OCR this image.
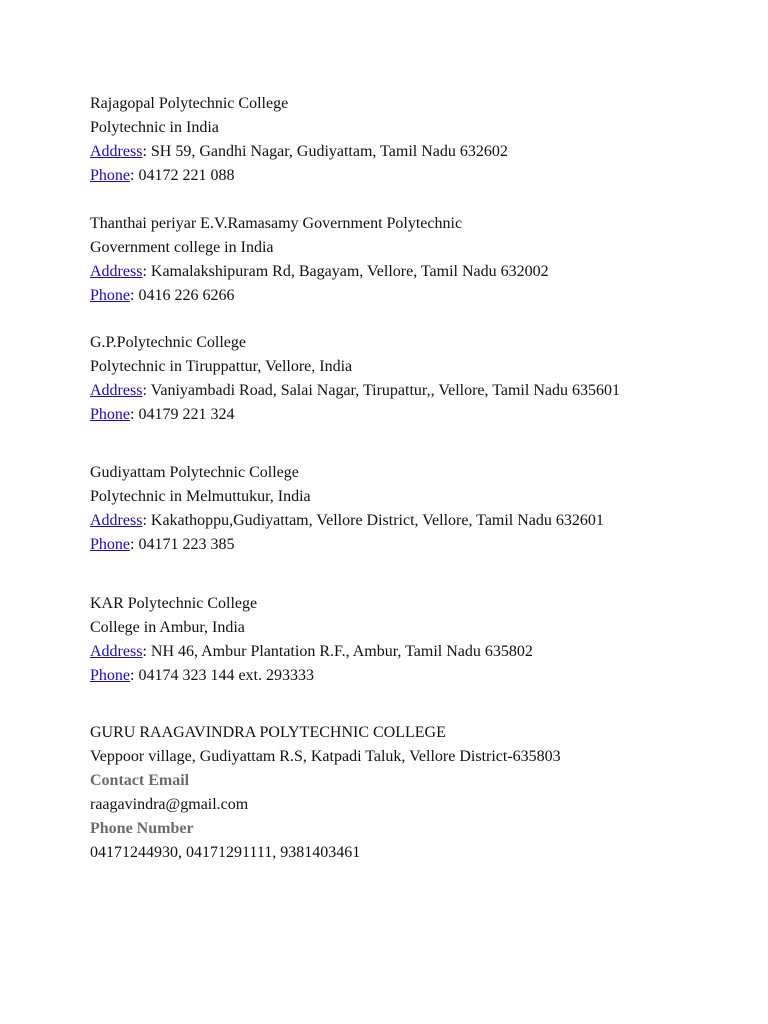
Rajagopal Polytechnic College
Polytechnic in India
Address: SH 59, Gandhi Nagar, Gudiyattam, Tamil Nadu 632602
Phone: 04172 221 088
Thanthai periyar E.V.Ramasamy Government Polytechnic
Government college in India
Address: Kamalakshipuram Rd, Bagayam, Vellore, Tamil Nadu 632002
Phone: 0416 226 6266
G.P.Polytechnic College
Polytechnic in Tiruppattur, Vellore, India
Address: Vaniyambadi Road, Salai Nagar, Tirupattur,, Vellore, Tamil Nadu 635601
Phone: 04179 221 324
Gudiyattam Polytechnic College
Polytechnic in Melmuttukur, India
Address: Kakathoppu,Gudiyattam, Vellore District, Vellore, Tamil Nadu 632601
Phone: 04171 223 385
KAR Polytechnic College
College in Ambur, India
Address: NH 46, Ambur Plantation R.F., Ambur, Tamil Nadu 635802
Phone: 04174 323 144 ext. 293333
GURU RAAGAVINDRA POLYTECHNIC COLLEGE
Veppoor village, Gudiyattam R.S, Katpadi Taluk, Vellore District-635803
Contact Email
raagavindra@gmail.com
Phone Number
04171244930, 04171291111, 9381403461
